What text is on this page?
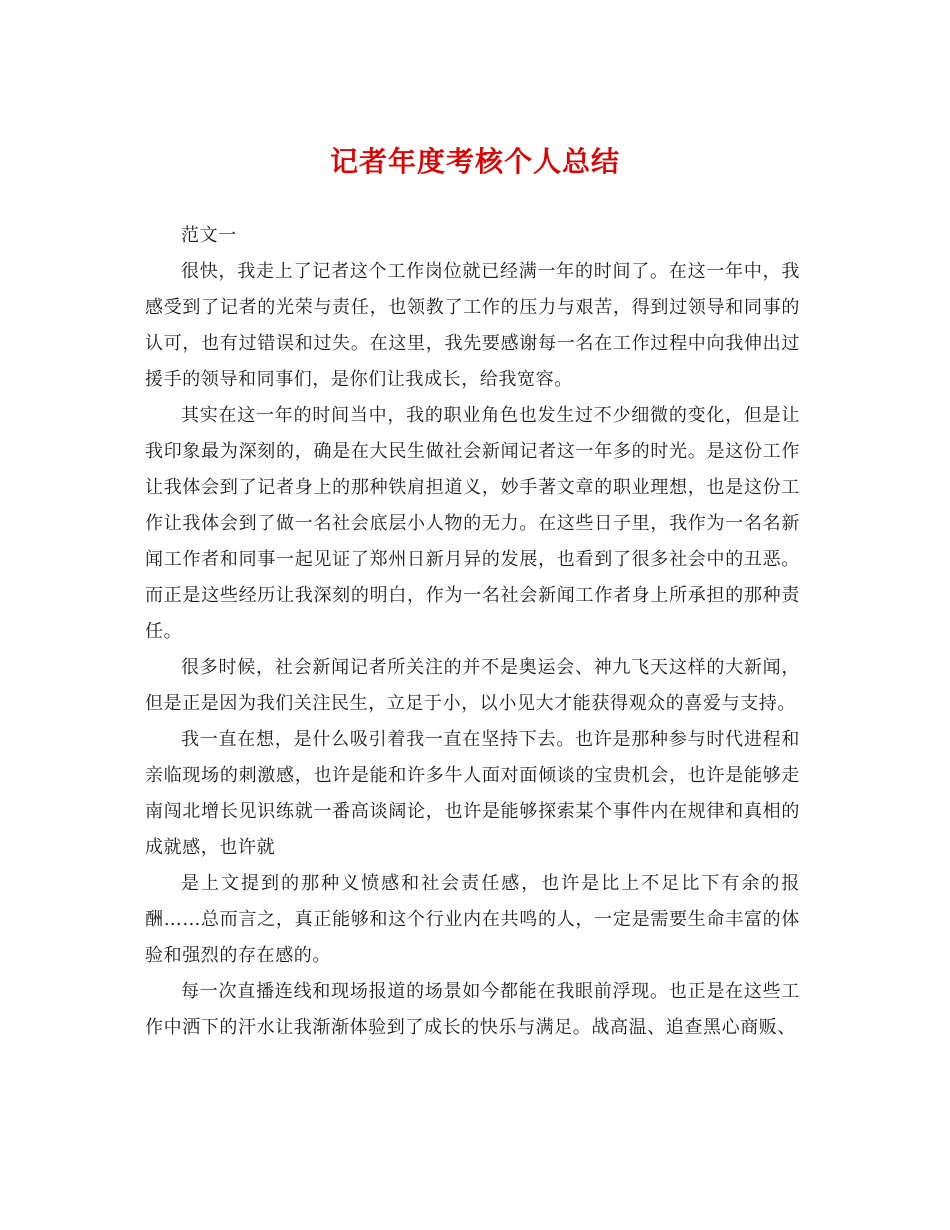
记者年度考核个人总结

范文一

很快，我走上了记者这个工作岗位就已经满一年的时间了。在这一年中，我感受到了记者的光荣与责任，也领教了工作的压力与艰苦，得到过领导和同事的认可，也有过错误和过失。在这里，我先要感谢每一名在工作过程中向我伸出过援手的领导和同事们，是你们让我成长，给我宽容。

其实在这一年的时间当中，我的职业角色也发生过不少细微的变化，但是让我印象最为深刻的，确是在大民生做社会新闻记者这一年多的时光。是这份工作让我体会到了记者身上的那种铁肩担道义，妙手著文章的职业理想，也是这份工作让我体会到了做一名社会底层小人物的无力。在这些日子里，我作为一名名新闻工作者和同事一起见证了郑州日新月异的发展，也看到了很多社会中的丑恶。而正是这些经历让我深刻的明白，作为一名社会新闻工作者身上所承担的那种责任。

很多时候，社会新闻记者所关注的并不是奥运会、神九飞天这样的大新闻，但是正是因为我们关注民生，立足于小，以小见大才能获得观众的喜爱与支持。

我一直在想，是什么吸引着我一直在坚持下去。也许是那种参与时代进程和亲临现场的刺激感，也许是能和许多牛人面对面倾谈的宝贵机会，也许是能够走南闯北增长见识练就一番高谈阔论，也许是能够探索某个事件内在规律和真相的成就感，也许就

是上文提到的那种义愤感和社会责任感，也许是比上不足比下有余的报酬……总而言之，真正能够和这个行业内在共鸣的人，一定是需要生命丰富的体验和强烈的存在感的。

每一次直播连线和现场报道的场景如今都能在我眼前浮现。也正是在这些工作中洒下的汗水让我渐渐体验到了成长的快乐与满足。战高温、追查黑心商贩、
